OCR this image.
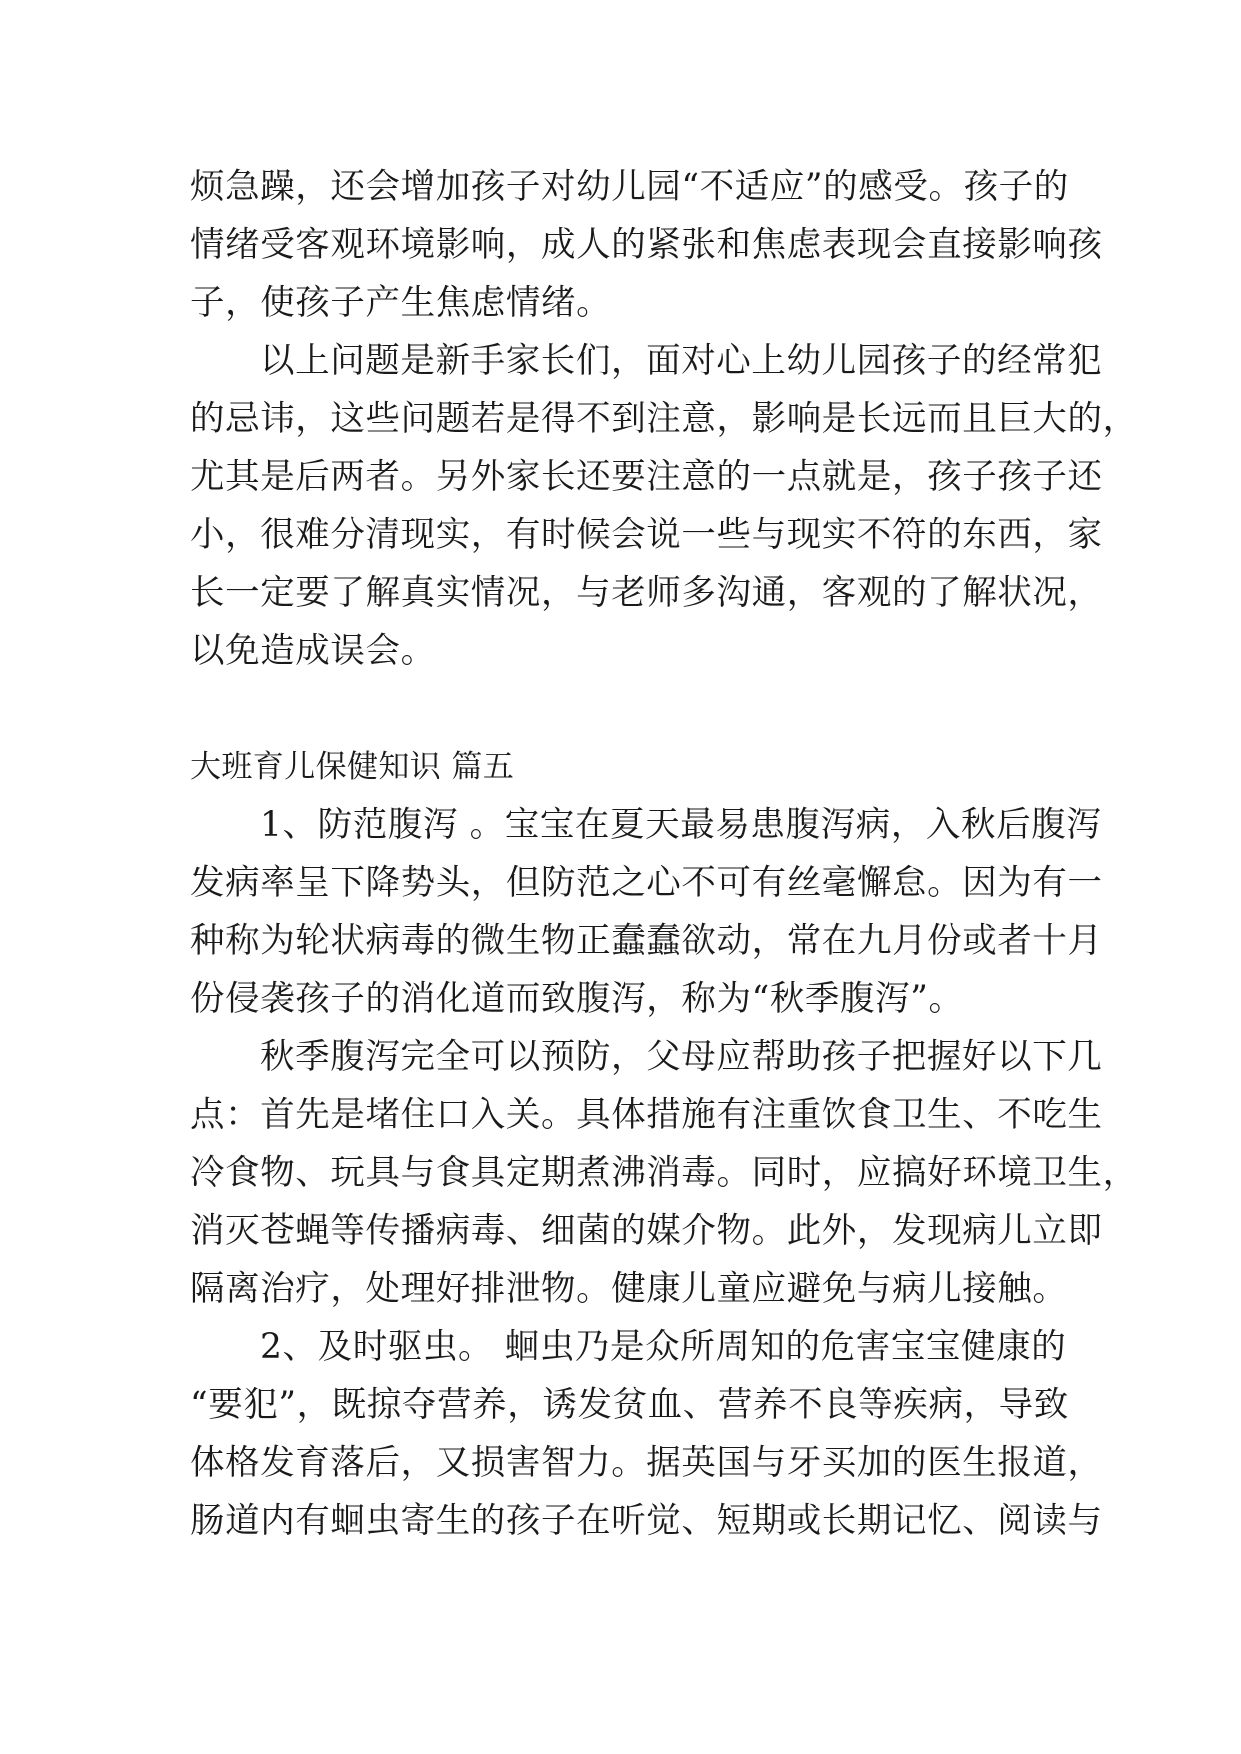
烦急躁，还会增加孩子对幼儿园“不适应”的感受。孩子的
情绪受客观环境影响，成人的紧张和焦虑表现会直接影响孩
子，使孩子产生焦虑情绪。
以上问题是新手家长们，面对心上幼儿园孩子的经常犯
的忌讳，这些问题若是得不到注意，影响是长远而且巨大的，
尤其是后两者。另外家长还要注意的一点就是，孩子孩子还
小，很难分清现实，有时候会说一些与现实不符的东西，家
长一定要了解真实情况，与老师多沟通，客观的了解状况，
以免造成误会。
大班育儿保健知识 篇五
1、防范腹泻 。宝宝在夏天最易患腹泻病，入秋后腹泻
发病率呈下降势头，但防范之心不可有丝毫懈怠。因为有一
种称为轮状病毒的微生物正蠢蠢欲动，常在九月份或者十月
份侵袭孩子的消化道而致腹泻，称为“秋季腹泻”。
秋季腹泻完全可以预防，父母应帮助孩子把握好以下几
点：首先是堵住口入关。具体措施有注重饮食卫生、不吃生
冷食物、玩具与食具定期煮沸消毒。同时，应搞好环境卫生，
消灭苍蝇等传播病毒、细菌的媒介物。此外，发现病儿立即
隔离治疗，处理好排泄物。健康儿童应避免与病儿接触。
2、及时驱虫。 蛔虫乃是众所周知的危害宝宝健康的
“要犯”，既掠夺营养，诱发贫血、营养不良等疾病，导致
体格发育落后，又损害智力。据英国与牙买加的医生报道，
肠道内有蛔虫寄生的孩子在听觉、短期或长期记忆、阅读与
